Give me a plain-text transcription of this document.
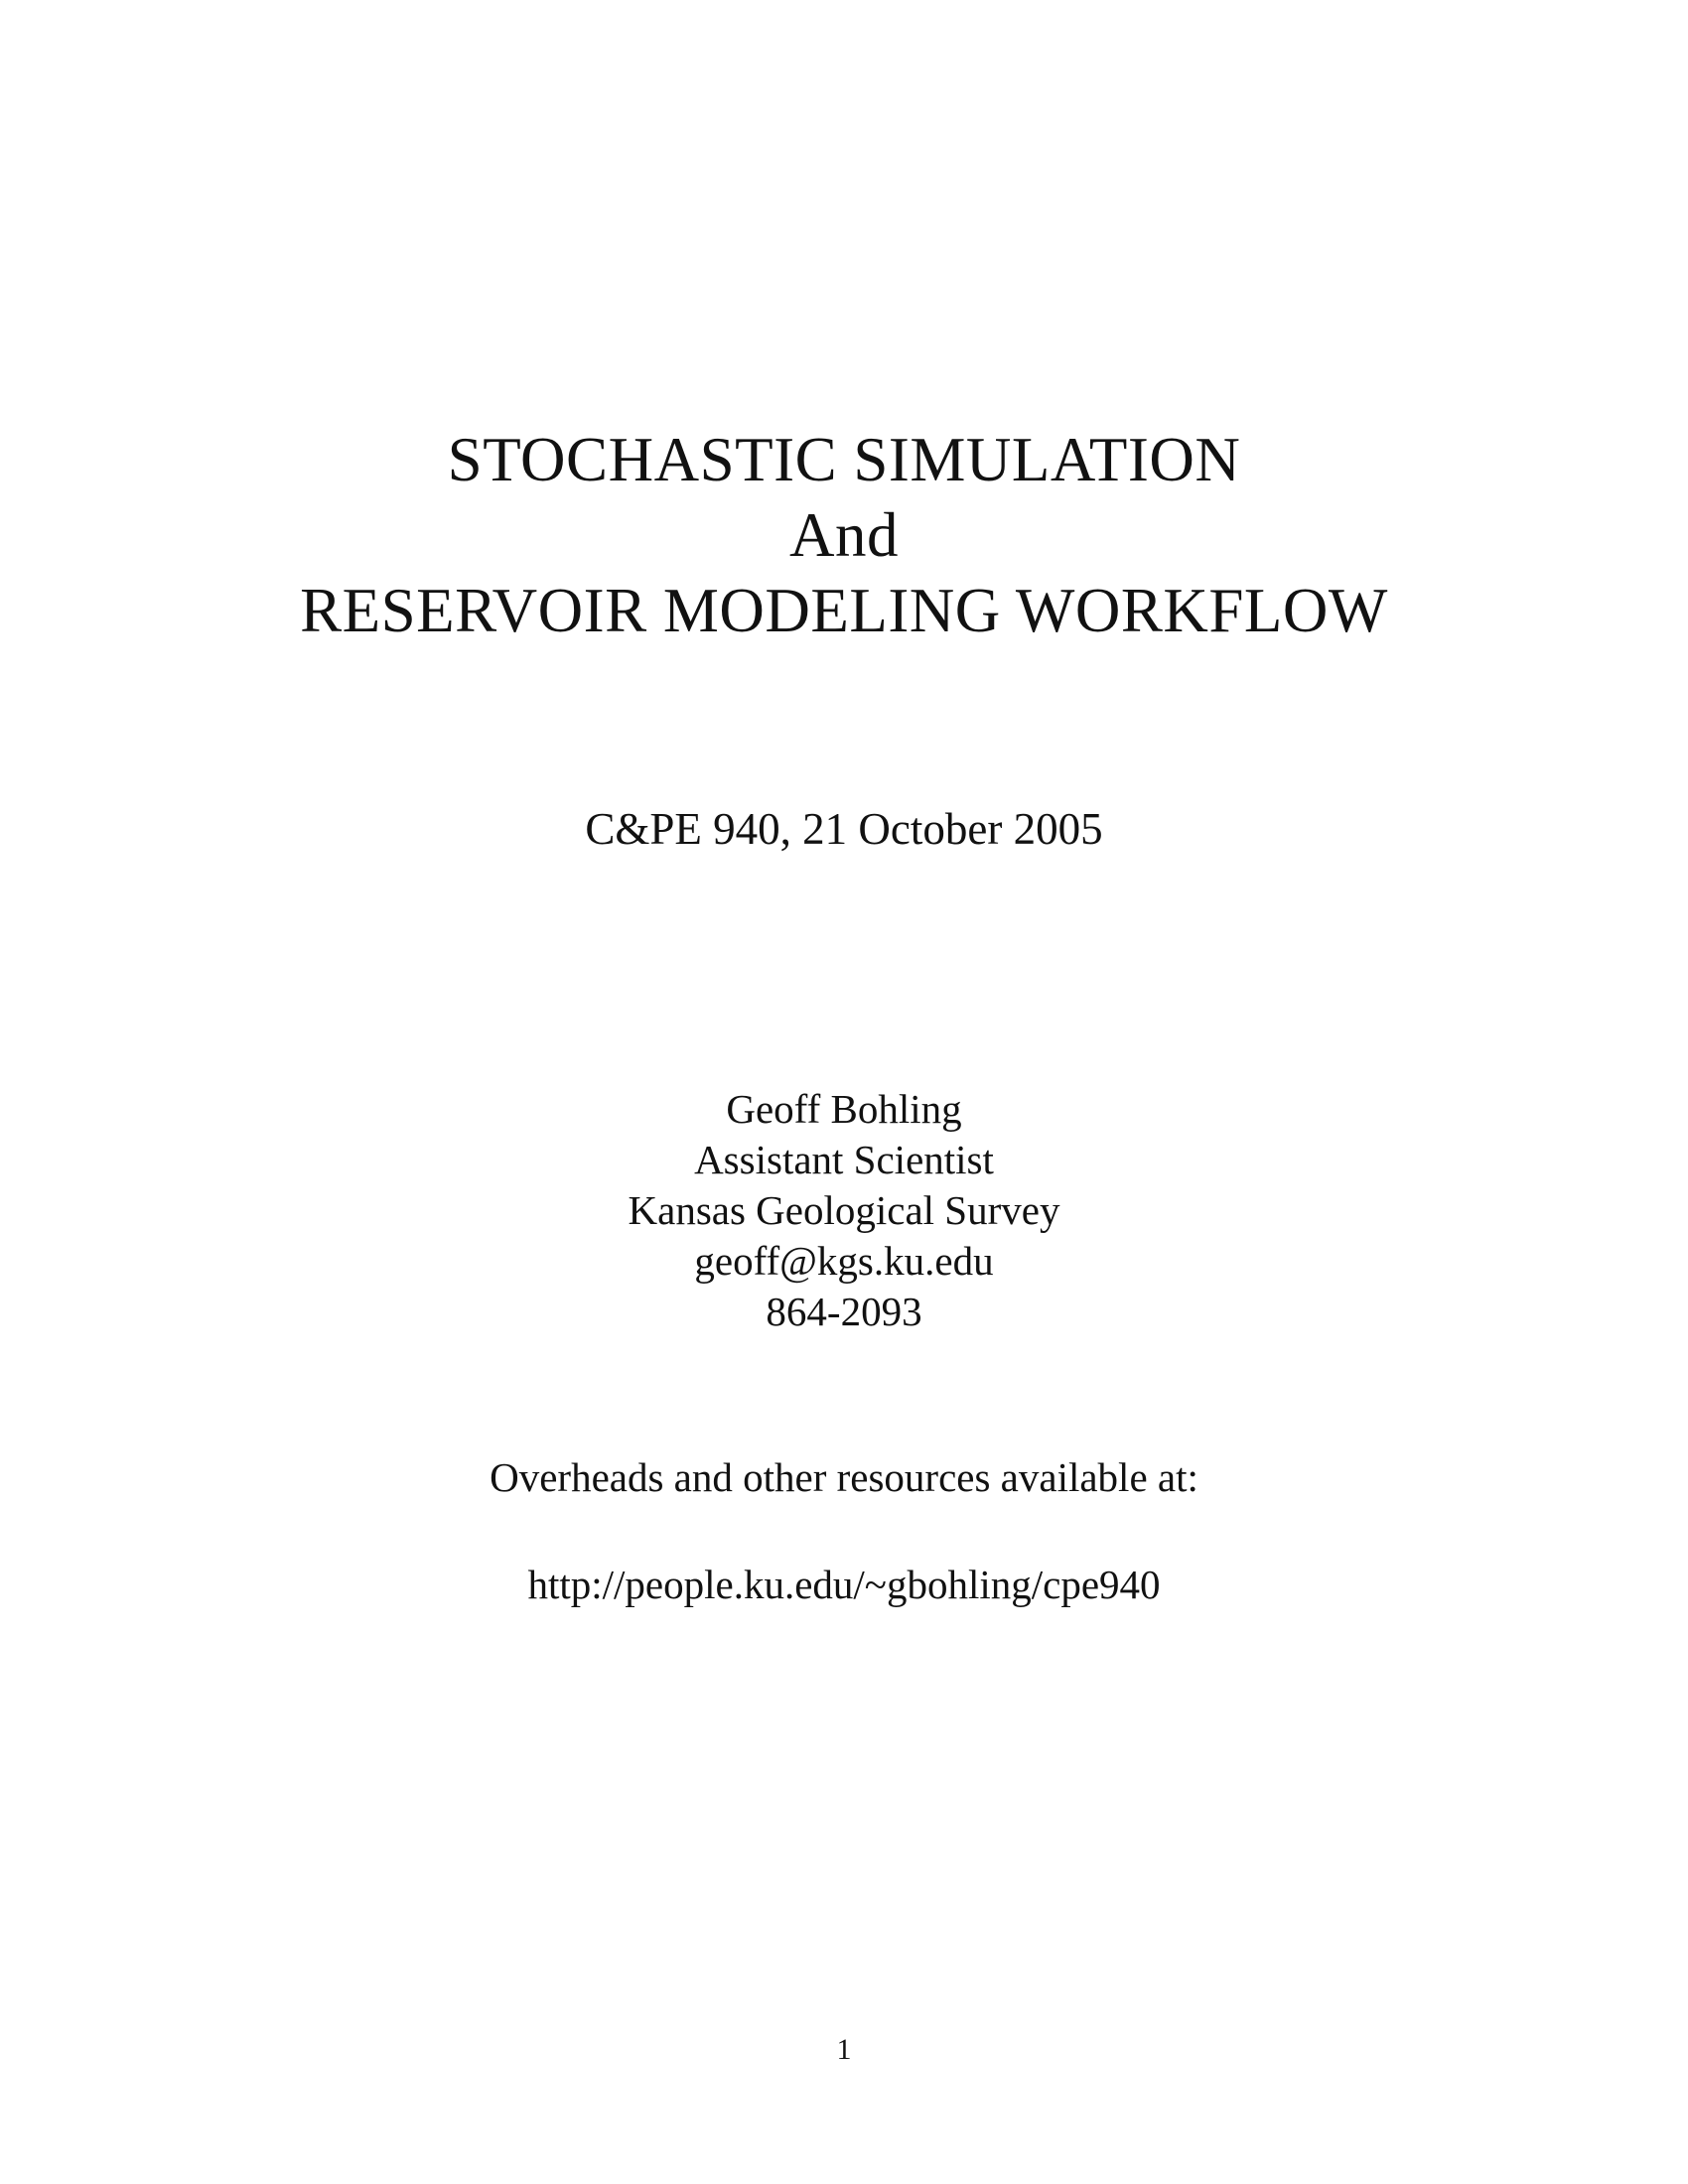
STOCHASTIC SIMULATION
And
RESERVOIR MODELING WORKFLOW
C&PE 940, 21 October 2005

Geoff Bohling

Assistant Scientist

Kansas Geological Survey

geoff@kgs.ku.edu

864-2093

Overheads and other resources available at:
http://people.ku.edu/~gbohling/cpe940
1
